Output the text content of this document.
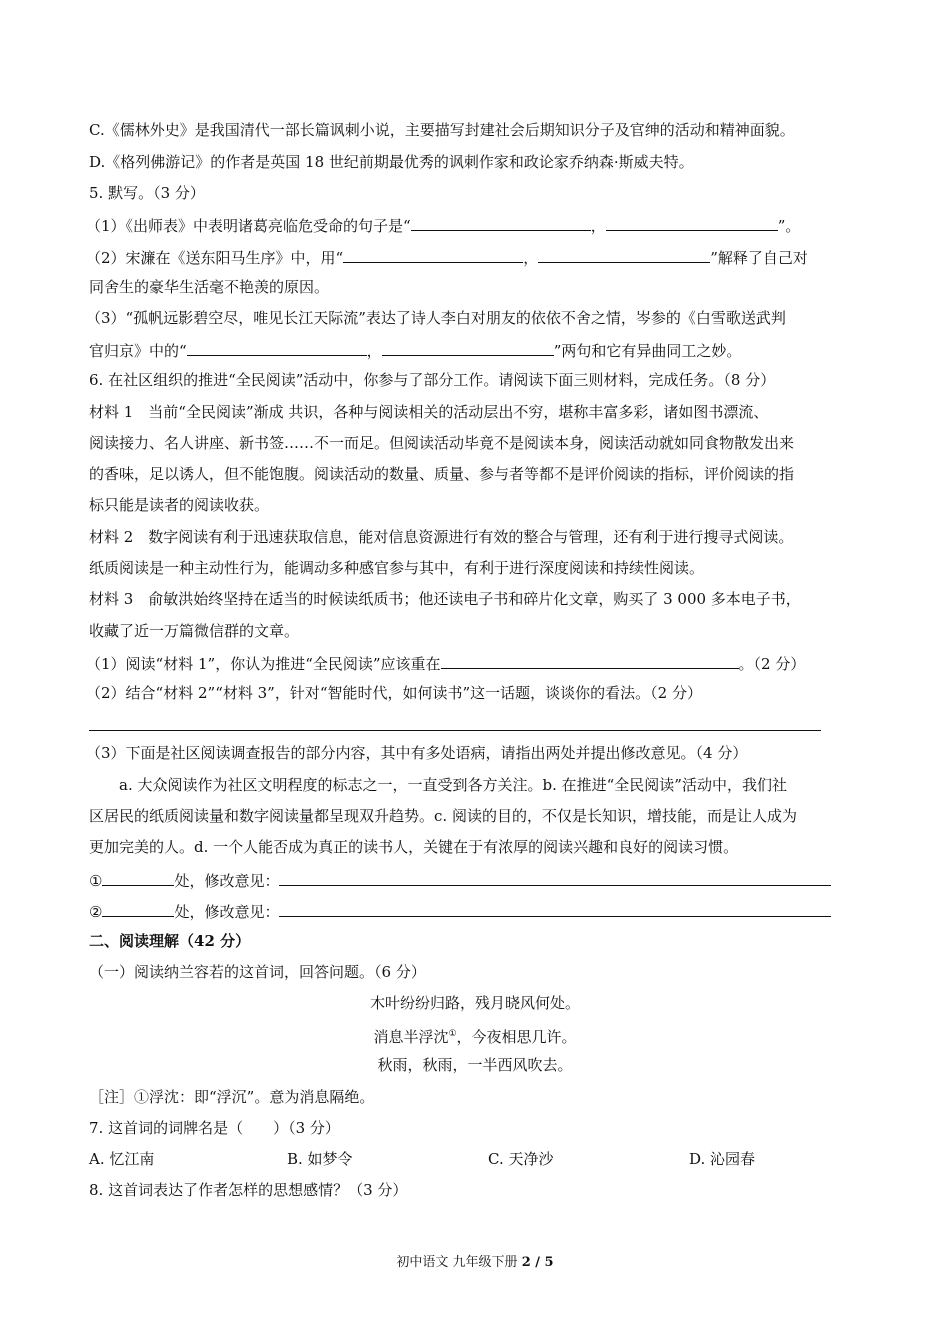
C.《儒林外史》是我国清代一部长篇讽刺小说，主要描写封建社会后期知识分子及官绅的活动和精神面貌。
D.《格列佛游记》的作者是英国 18 世纪前期最优秀的讽刺作家和政论家乔纳森·斯威夫特。
5. 默写。（3 分）
（1）《出师表》中表明诸葛亮临危受命的句子是“	，	”。
（2）宋濂在《送东阳马生序》中，用“	，	”解释了自己对
同舍生的豪华生活毫不艳羡的原因。
（3）“孤帆远影碧空尽，唯见长江天际流”表达了诗人李白对朋友的依依不舍之情，岑参的《白雪歌送武判
官归京》中的“	，	”两句和它有异曲同工之妙。
6. 在社区组织的推进“全民阅读”活动中，你参与了部分工作。请阅读下面三则材料，完成任务。（8 分）
材料 1　当前“全民阅读”渐成 共识，各种与阅读相关的活动层出不穷，堪称丰富多彩，诸如图书漂流、
阅读接力、名人讲座、新书签……不一而足。但阅读活动毕竟不是阅读本身，阅读活动就如同食物散发出来
的香味，足以诱人，但不能饱腹。阅读活动的数量、质量、参与者等都不是评价阅读的指标，评价阅读的指
标只能是读者的阅读收获。
材料 2　数字阅读有利于迅速获取信息，能对信息资源进行有效的整合与管理，还有利于进行搜寻式阅读。
纸质阅读是一种主动性行为，能调动多种感官参与其中，有利于进行深度阅读和持续性阅读。
材料 3　俞敏洪始终坚持在适当的时候读纸质书；他还读电子书和碎片化文章，购买了 3 000 多本电子书，
收藏了近一万篇微信群的文章。
（1）阅读“材料 1”，你认为推进“全民阅读”应该重在	。（2 分）
（2）结合“材料 2”“材料 3”，针对“智能时代，如何读书”这一话题，谈谈你的看法。（2 分）
（3）下面是社区阅读调查报告的部分内容，其中有多处语病，请指出两处并提出修改意见。（4 分）
a. 大众阅读作为社区文明程度的标志之一，一直受到各方关注。b. 在推进“全民阅读”活动中，我们社
区居民的纸质阅读量和数字阅读量都呈现双升趋势。c. 阅读的目的，不仅是长知识，增技能，而是让人成为
更加完美的人。d. 一个人能否成为真正的读书人，关键在于有浓厚的阅读兴趣和良好的阅读习惯。
①	处，修改意见：
②	处，修改意见：
二、阅读理解（42 分）
（一）阅读纳兰容若的这首词，回答问题。（6 分）
木叶纷纷归路，残月晓风何处。
消息半浮沈①，今夜相思几许。
秋雨，秋雨，一半西风吹去。
［注］①浮沈：即“浮沉”。意为消息隔绝。
7. 这首词的词牌名是（　　）（3 分）
A. 忆江南	B. 如梦令	C. 天净沙	D. 沁园春
8. 这首词表达了作者怎样的思想感情？（3 分）
初中语文 九年级下册 2 / 5
